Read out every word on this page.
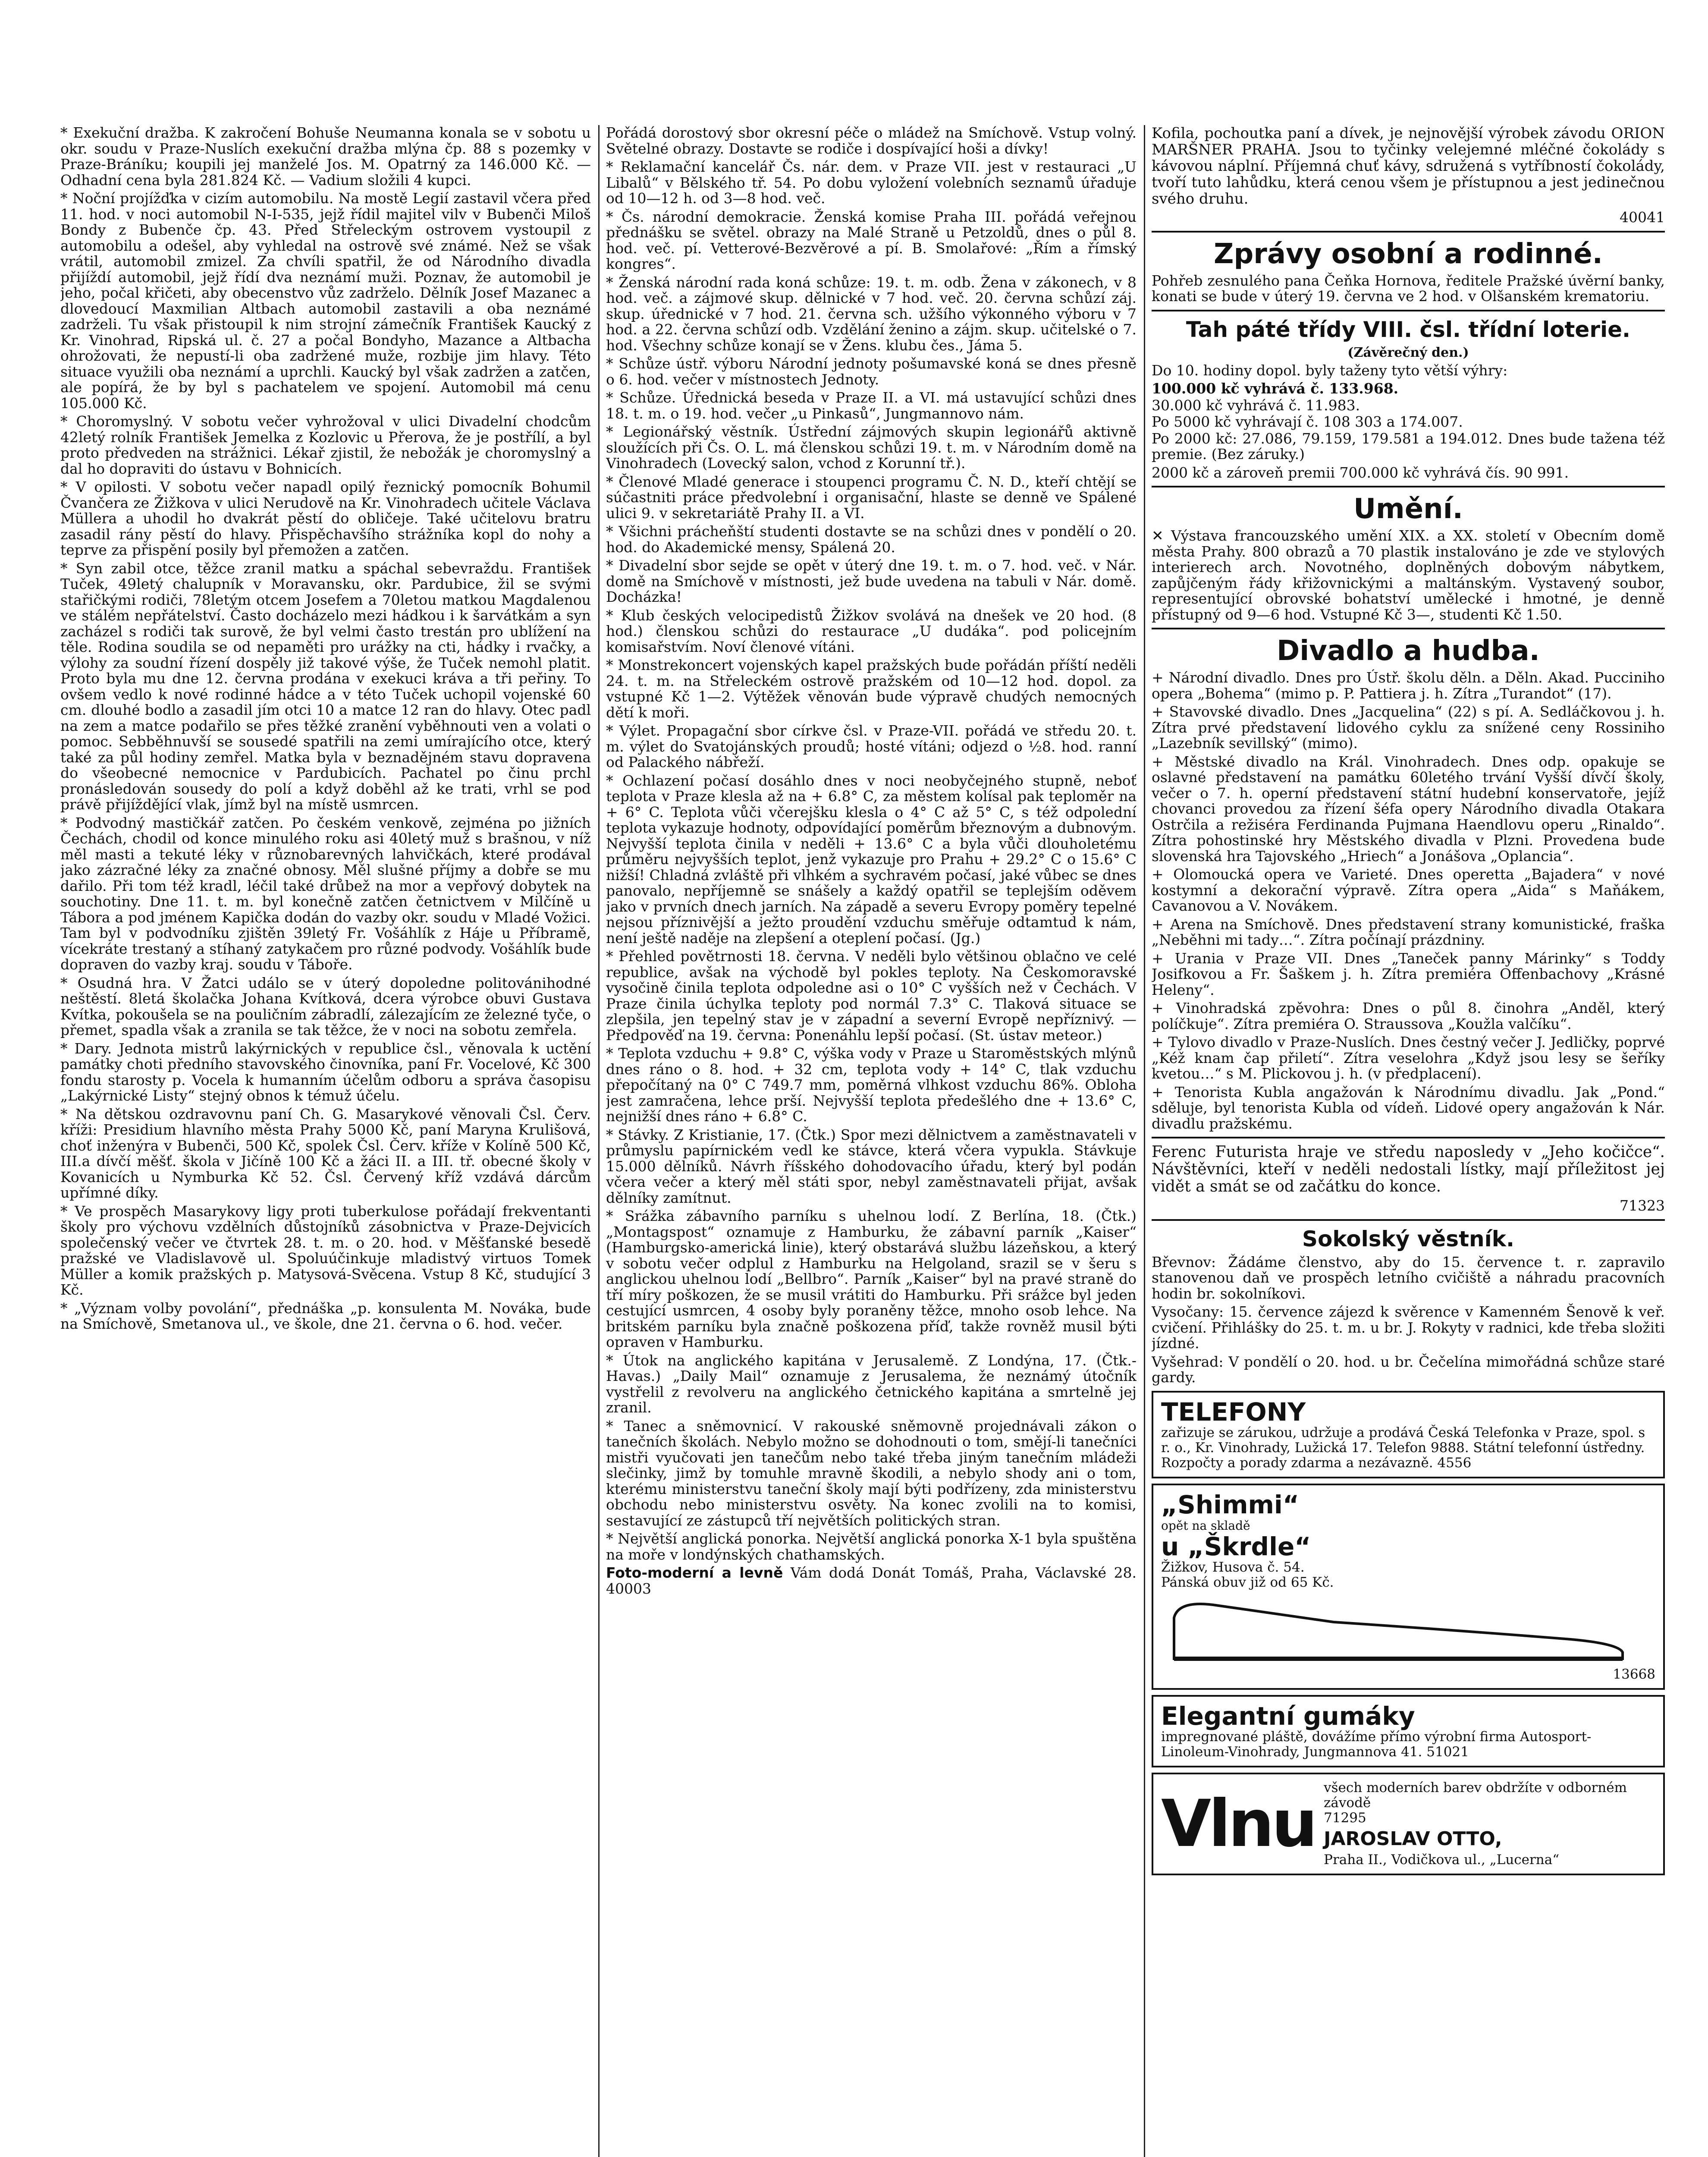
* Exekuční dražba. K zakročení Bohuše Neumanna konala se v sobotu u okr. soudu v Praze-Nuslích exekuční dražba mlýna čp. 88 s pozemky v Praze-Bráníku; koupili jej manželé Jos. M. Opatrný za 146.000 Kč. — Odhadní cena byla 281.824 Kč. — Vadium složili 4 kupci.

* Noční projížďka v cizím automobilu. Na mostě Legií zastavil včera před 11. hod. v noci automobil N-I-535, jejž řídil majitel vilv v Bubenči Miloš Bondy z Bubenče čp. 43. Před Střeleckým ostrovem vystoupil z automobilu a odešel, aby vyhledal na ostrově své známé. Než se však vrátil, automobil zmizel. Za chvíli spatřil, že od Národního divadla přijíždí automobil, jejž řídí dva neznámí muži. Poznav, že automobil je jeho, počal křičeti, aby obecenstvo vůz zadrželo. Dělník Josef Mazanec a dlovedoucí Maxmilian Altbach automobil zastavili a oba neznámé zadrželi. Tu však přistoupil k nim strojní zámečník František Kaucký z Kr. Vinohrad, Ripská ul. č. 27 a počal Bondyho, Mazance a Altbacha ohrožovati, že nepustí-li oba zadržené muže, rozbije jim hlavy. Této situace využili oba neznámí a uprchli. Kaucký byl však zadržen a zatčen, ale popírá, že by byl s pachatelem ve spojení. Automobil má cenu 105.000 Kč.

* Choromyslný. V sobotu večer vyhrožoval v ulici Divadelní chodcům 42letý rolník František Jemelka z Kozlovic u Přerova, že je postřílí, a byl proto předveden na strážnici. Lékař zjistil, že nebožák je choromyslný a dal ho dopraviti do ústavu v Bohnicích.

* V opilosti. V sobotu večer napadl opilý řeznický pomocník Bohumil Čvančera ze Žižkova v ulici Nerudově na Kr. Vinohradech učitele Václava Müllera a uhodil ho dvakrát pěstí do obličeje. Také učitelovu bratru zasadil rány pěstí do hlavy. Přispěchavšího strážníka kopl do nohy a teprve za přispění posily byl přemožen a zatčen.

* Syn zabil otce, těžce zranil matku a spáchal sebevraždu. František Tuček, 49letý chalupník v Moravansku, okr. Pardubice, žil se svými stařičkými rodiči, 78letým otcem Josefem a 70letou matkou Magdalenou ve stálém nepřátelství. Často docházelo mezi hádkou i k šarvátkám a syn zacházel s rodiči tak surově, že byl velmi často trestán pro ublížení na těle. Rodina soudila se od nepaměti pro urážky na cti, hádky i rvačky, a výlohy za soudní řízení dospěly již takové výše, že Tuček nemohl platit. Proto byla mu dne 12. června prodána v exekuci kráva a tři peřiny. To ovšem vedlo k nové rodinné hádce a v této Tuček uchopil vojenské 60 cm. dlouhé bodlo a zasadil jím otci 10 a matce 12 ran do hlavy. Otec padl na zem a matce podařilo se přes těžké zranění vyběhnouti ven a volati o pomoc. Sebběhnuvší se sousedé spatřili na zemi umírajícího otce, který také za půl hodiny zemřel. Matka byla v beznadějném stavu dopravena do všeobecné nemocnice v Pardubicích. Pachatel po činu prchl pronásledován sousedy do polí a když doběhl až ke trati, vrhl se pod právě přijíždějící vlak, jímž byl na místě usmrcen.

* Podvodný mastičkář zatčen. Po českém venkově, zejména po jižních Čechách, chodil od konce minulého roku asi 40letý muž s brašnou, v níž měl masti a tekuté léky v různobarevných lahvičkách, které prodával jako zázračné léky za značné obnosy. Měl slušné příjmy a dobře se mu dařilo. Při tom též kradl, léčil také drůbež na mor a vepřový dobytek na souchotiny. Dne 11. t. m. byl konečně zatčen četnictvem v Milčíně u Tábora a pod jménem Kapička dodán do vazby okr. soudu v Mladé Vožici. Tam byl v podvodníku zjištěn 39letý Fr. Vošáhlík z Háje u Příbramě, vícekráte trestaný a stíhaný zatykačem pro různé podvody. Vošáhlík bude dopraven do vazby kraj. soudu v Táboře.

* Osudná hra. V Žatci událo se v úterý dopoledne politovánihodné neštěstí. 8letá školačka Johana Kvítková, dcera výrobce obuvi Gustava Kvítka, pokoušela se na pouličním zábradlí, zálezajícím ze železné tyče, o přemet, spadla však a zranila se tak těžce, že v noci na sobotu zemřela.

* Dary. Jednota mistrů lakýrnických v republice čsl., věnovala k uctění památky choti předního stavovského činovníka, paní Fr. Vocelové, Kč 300 fondu starosty p. Vocela k humanním účelům odboru a správa časopisu „Lakýrnické Listy“ stejný obnos k témuž účelu.

* Na dětskou ozdravovnu paní Ch. G. Masarykové věnovali Čsl. Červ. kříži: Presidium hlavního města Prahy 5000 Kč, paní Maryna Krulišová, choť inženýra v Bubenči, 500 Kč, spolek Čsl. Červ. kříže v Kolíně 500 Kč, III.a dívčí měšť. škola v Jičíně 100 Kč a žáci II. a III. tř. obecné školy v Kovanicích u Nymburka Kč 52. Čsl. Červený kříž vzdává dárcům upřímné díky.

* Ve prospěch Masarykovy ligy proti tuberkulose pořádají frekventanti školy pro výchovu vzdělních důstojníků zásobnictva v Praze-Dejvicích společenský večer ve čtvrtek 28. t. m. o 20. hod. v Měšťanské besedě pražské ve Vladislavově ul. Spoluúčinkuje mladistvý virtuos Tomek Müller a komik pražských p. Matysová-Svěcena. Vstup 8 Kč, studující 3 Kč.

* „Význam volby povolání“, přednáška „p. konsulenta M. Nováka, bude na Smíchově, Smetanova ul., ve škole, dne 21. června o 6. hod. večer.

Pořádá dorostový sbor okresní péče o mládež na Smíchově. Vstup volný. Světelné obrazy. Dostavte se rodiče i dospívající hoši a dívky!

* Reklamační kancelář Čs. nár. dem. v Praze VII. jest v restauraci „U Libalů“ v Bělského tř. 54. Po dobu vyložení volebních seznamů úřaduje od 10—12 h. od 3—8 hod. več.

* Čs. národní demokracie. Ženská komise Praha III. pořádá veřejnou přednášku se světel. obrazy na Malé Straně u Petzoldů, dnes o půl 8. hod. več. pí. Vetterové-Bezvěrové a pí. B. Smolařové: „Řím a římský kongres“.

* Ženská národní rada koná schůze: 19. t. m. odb. Žena v zákonech, v 8 hod. več. a zájmové skup. dělnické v 7 hod. več. 20. června schůzí záj. skup. úřednické v 7 hod. 21. června sch. užšího výkonného výboru v 7 hod. a 22. června schůzí odb. Vzdělání ženino a zájm. skup. učitelské o 7. hod. Všechny schůze konají se v Žens. klubu čes., Jáma 5.

* Schůze ústř. výboru Národní jednoty pošumavské koná se dnes přesně o 6. hod. večer v místnostech Jednoty.

* Schůze. Úřednická beseda v Praze II. a VI. má ustavující schůzi dnes 18. t. m. o 19. hod. večer „u Pinkasů“, Jungmannovo nám.

* Legionářský věstník. Ústřední zájmových skupin legionářů aktivně sloužících při Čs. O. L. má členskou schůzi 19. t. m. v Národním domě na Vinohradech (Lovecký salon, vchod z Korunní tř.).

* Členové Mladé generace i stoupenci programu Č. N. D., kteří chtějí se súčastniti práce předvolební i organisační, hlaste se denně ve Spálené ulici 9. v sekretariátě Prahy II. a VI.

* Všichni prácheňští studenti dostavte se na schůzi dnes v pondělí o 20. hod. do Akademické mensy, Spálená 20.

* Divadelní sbor sejde se opět v úterý dne 19. t. m. o 7. hod. več. v Nár. domě na Smíchově v místnosti, jež bude uvedena na tabuli v Nár. domě. Docházka!

* Klub českých velocipedistů Žižkov svolává na dnešek ve 20 hod. (8 hod.) členskou schůzi do restaurace „U dudáka“. pod policejním komisařstvím. Noví členové vítáni.

* Monstrekoncert vojenských kapel pražských bude pořádán příští neděli 24. t. m. na Střeleckém ostrově pražském od 10—12 hod. dopol. za vstupné Kč 1—2. Výtěžek věnován bude výpravě chudých nemocných dětí k moři.

* Výlet. Propagační sbor církve čsl. v Praze-VII. pořádá ve středu 20. t. m. výlet do Svatojánských proudů; hosté vítáni; odjezd o ½8. hod. ranní od Palackého nábřeží.

* Ochlazení počasí dosáhlo dnes v noci neobyčejného stupně, neboť teplota v Praze klesla až na + 6.8° C, za městem kolísal pak teploměr na + 6° C. Teplota vůči včerejšku klesla o 4° C až 5° C, s též odpolední teplota vykazuje hodnoty, odpovídající poměrům březnovým a dubnovým. Nejvyšší teplota činila v neděli + 13.6° C a byla vůči dlouholetému průměru nejvyšších teplot, jenž vykazuje pro Prahu + 29.2° C o 15.6° C nižší! Chladná zvláště při vlhkém a sychravém počasí, jaké vůbec se dnes panovalo, nepříjemně se snášely a každý opatřil se teplejším oděvem jako v prvních dnech jarních. Na západě a severu Evropy poměry tepelné nejsou příznivější a ježto proudění vzduchu směřuje odtamtud k nám, není ještě naděje na zlepšení a oteplení počasí. (Jg.)

* Přehled povětrnosti 18. června. V neděli bylo většinou oblačno ve celé republice, avšak na východě byl pokles teploty. Na Českomoravské vysočině činila teplota odpoledne asi o 10° C vyšších než v Čechách. V Praze činila úchylka teploty pod normál 7.3° C. Tlaková situace se zlepšila, jen tepelný stav je v západní a severní Evropě nepříznivý. — Předpověď na 19. června: Ponenáhlu lepší počasí. (St. ústav meteor.)

* Teplota vzduchu + 9.8° C, výška vody v Praze u Staroměstských mlýnů dnes ráno o 8. hod. + 32 cm, teplota vody + 14° C, tlak vzduchu přepočítaný na 0° C 749.7 mm, poměrná vlhkost vzduchu 86%. Obloha jest zamračena, lehce prší. Nejvyšší teplota předešlého dne + 13.6° C, nejnižší dnes ráno + 6.8° C.

* Stávky. Z Kristianie, 17. (Čtk.) Spor mezi dělnictvem a zaměstnavateli v průmyslu papírnickém vedl ke stávce, která včera vypukla. Stávkuje 15.000 dělníků. Návrh říšského dohodovacího úřadu, který byl podán včera večer a který měl státi spor, nebyl zaměstnavateli přijat, avšak dělníky zamítnut.

* Srážka zábavního parníku s uhelnou lodí. Z Berlína, 18. (Čtk.) „Montagspost“ oznamuje z Hamburku, že zábavní parník „Kaiser“ (Hamburgsko-americká linie), který obstarává službu lázeňskou, a který v sobotu večer odplul z Hamburku na Helgoland, srazil se v šeru s anglickou uhelnou lodí „Bellbro“. Parník „Kaiser“ byl na pravé straně do tří míry poškozen, že se musil vrátiti do Hamburku. Při srážce byl jeden cestující usmrcen, 4 osoby byly poraněny těžce, mnoho osob lehce. Na britském parníku byla značně poškozena příď, takže rovněž musil býti opraven v Hamburku.

* Útok na anglického kapitána v Jerusalemě. Z Londýna, 17. (Čtk.-Havas.) „Daily Mail“ oznamuje z Jerusalema, že neznámý útočník vystřelil z revolveru na anglického četnického kapitána a smrtelně jej zranil.

* Tanec a sněmovnicí. V rakouské sněmovně projednávali zákon o tanečních školách. Nebylo možno se dohodnouti o tom, smějí-li tanečníci mistři vyučovati jen tanečům nebo také třeba jiným tanečním mládeži slečinky, jimž by tomuhle mravně škodili, a nebylo shody ani o tom, kterému ministerstvu taneční školy mají býti podřízeny, zda ministerstvu obchodu nebo ministerstvu osvěty. Na konec zvolili na to komisi, sestavující ze zástupců tří největších politických stran.

* Největší anglická ponorka. Největší anglická ponorka X-1 byla spuštěna na moře v londýnských chathamských.

Foto-moderní a levně Vám dodá Donát Tomáš, Praha, Václavské 28. 40003

Kofila, pochoutka paní a dívek, je nejnovější výrobek závodu ORION MARŠNER PRAHA. Jsou to tyčinky velejemné mléčné čokolády s kávovou náplní. Příjemná chuť kávy, sdružená s vytříbností čokolády, tvoří tuto lahůdku, která cenou všem je přístupnou a jest jedinečnou svého druhu.

40041

Zprávy osobní a rodinné.

Pohřeb zesnulého pana Čeňka Hornova, ředitele Pražské úvěrní banky, konati se bude v úterý 19. června ve 2 hod. v Olšanském krematoriu.

Tah páté třídy VIII. čsl. třídní loterie.
(Závěrečný den.)

Do 10. hodiny dopol. byly taženy tyto větší výhry:

100.000 kč vyhrává č. 133.968.

30.000 kč vyhrává č. 11.983.

Po 5000 kč vyhrávají č. 108 303 a 174.007.

Po 2000 kč: 27.086, 79.159, 179.581 a 194.012. Dnes bude tažena též premie. (Bez záruky.)

2000 kč a zároveň premii 700.000 kč vyhrává čís. 90 991.

Umění.

✕ Výstava francouzského umění XIX. a XX. století v Obecním domě města Prahy. 800 obrazů a 70 plastik instalováno je zde ve stylových interierech arch. Novotného, doplněných dobovým nábytkem, zapůjčeným řády křižovnickými a maltánským. Vystavený soubor, representující obrovské bohatství umělecké i hmotné, je denně přístupný od 9—6 hod. Vstupné Kč 3—, studenti Kč 1.50.

Divadlo a hudba.

+ Národní divadlo. Dnes pro Ústř. školu děln. a Děln. Akad. Pucciniho opera „Bohema“ (mimo p. P. Pattiera j. h. Zítra „Turandot“ (17).

+ Stavovské divadlo. Dnes „Jacquelina“ (22) s pí. A. Sedláčkovou j. h. Zítra prvé představení lidového cyklu za snížené ceny Rossiniho „Lazebník sevillský“ (mimo).

+ Městské divadlo na Král. Vinohradech. Dnes odp. opakuje se oslavné představení na památku 60letého trvání Vyšší dívčí školy, večer o 7. h. operní představení státní hudební konservatoře, jejíž chovanci provedou za řízení šéfa opery Národního divadla Otakara Ostrčila a režiséra Ferdinanda Pujmana Haendlovu operu „Rinaldo“. Zítra pohostinské hry Městského divadla v Plzni. Provedena bude slovenská hra Tajovského „Hriech“ a Jonášova „Oplancia“.

+ Olomoucká opera ve Varieté. Dnes operetta „Bajadera“ v nové kostymní a dekorační výpravě. Zítra opera „Aida“ s Maňákem, Cavanovou a V. Novákem.

+ Arena na Smíchově. Dnes představení strany komunistické, fraška „Neběhni mi tady…“. Zítra počínají prázdniny.

+ Urania v Praze VII. Dnes „Taneček panny Márinky“ s Toddy Josifkovou a Fr. Šaškem j. h. Zítra premiéra Offenbachovy „Krásné Heleny“.

+ Vinohradská zpěvohra: Dnes o půl 8. činohra „Anděl, který políčkuje“. Zítra premiéra O. Straussova „Koužla valčíku“.

+ Tylovo divadlo v Praze-Nuslích. Dnes čestný večer J. Jedličky, poprvé „Kéž knam čap přiletí“. Zítra veselohra „Když jsou lesy se šeříky kvetou…“ s M. Plickovou j. h. (v předplacení).

+ Tenorista Kubla angažován k Národnímu divadlu. Jak „Pond.“ sděluje, byl tenorista Kubla od vídeň. Lidové opery angažován k Nár. divadlu pražskému.

Ferenc Futurista hraje ve středu naposledy v „Jeho kočičce“. Návštěvníci, kteří v neděli nedostali lístky, mají příležitost jej vidět a smát se od začátku do konce.

71323

Sokolský věstník.

Břevnov: Žádáme členstvo, aby do 15. července t. r. zapravilo stanovenou daň ve prospěch letního cvičiště a náhradu pracovních hodin br. sokolníkovi.

Vysočany: 15. července zájezd k svěrence v Kamenném Šenově k veř. cvičení. Přihlášky do 25. t. m. u br. J. Rokyty v radnici, kde třeba složiti jízdné.

Vyšehrad: V pondělí o 20. hod. u br. Čečelína mimořádná schůze staré gardy.

TELEFONY
zařizuje se zárukou, udržuje a prodává Česká Telefonka v Praze, spol. s r. o., Kr. Vinohrady, Lužická 17. Telefon 9888. Státní telefonní ústředny. Rozpočty a porady zdarma a nezávazně. 4556
„Shimmi“
opět na skladě
u „Škrdle“
Žižkov, Husova č. 54.
Pánská obuv již od 65 Kč.
13668
Elegantní gumáky
impregnované pláště, dovážíme přímo výrobní firma Autosport-Linoleum-Vinohrady, Jungmannova 41. 51021
Vlnu všech moderních barev obdržíte v odborném závodě
71295
JAROSLAV OTTO,
Praha II., Vodičkova ul., „Lucerna“
